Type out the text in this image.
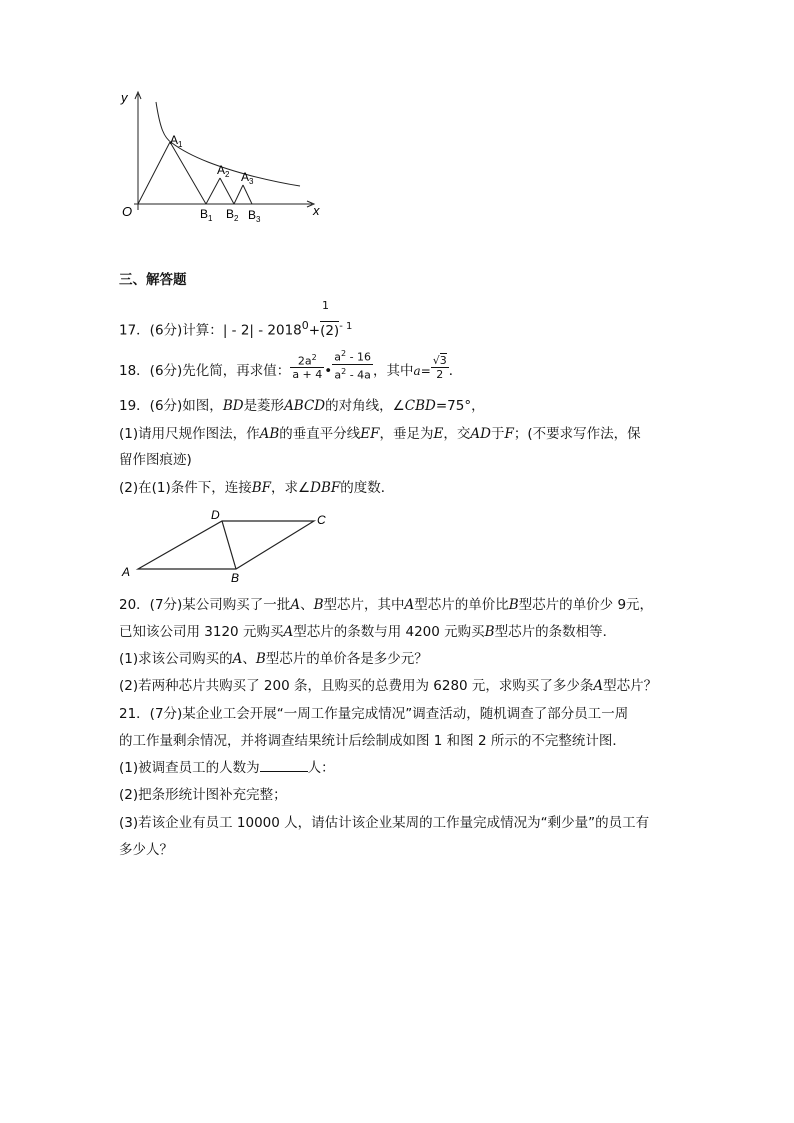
y
x
O
$A_1$
$A_2$ $A_3$
$B_1$ $B_2$ $B_3$
三、解答题
1
17．(6分)计算：| - $2| - 2018^0+(2)^{- 1}$
18．(6分)先化简，再求值： $\frac{2a^2}{a + 4}$ • $\frac{a^2 - 16}{a^2 - 4a}$ ，其中 $a = \frac{√3}{2}$ ．
19．(6分)如图，BD是菱形ABCD的对角线，∠CBD=75°，
(1)请用尺规作图法，作AB的垂直平分线EF，垂足为E，交AD于F；(不要求写作法，保
留作图痕迹)
(2)在(1)条件下，连接BF，求∠DBF的度数．
D	C
A	B
20．(7分)某公司购买了一批A、B型芯片，其中A型芯片的单价比B型芯片的单价少 9元，
已知该公司用 3120 元购买A型芯片的条数与用 4200 元购买B型芯片的条数相等．
(1)求该公司购买的A、B型芯片的单价各是多少元？
(2)若两种芯片共购买了 200 条，且购买的总费用为 6280 元，求购买了多少条A型芯片？
21．(7分)某企业工会开展“一周工作量完成情况”调查活动，随机调查了部分员工一周
的工作量剩余情况，并将调查结果统计后绘制成如图 1 和图 2 所示的不完整统计图．
(1)被调查员工的人数为	人：
(2)把条形统计图补充完整；
(3)若该企业有员工 10000 人，请估计该企业某周的工作量完成情况为“剩少量”的员工有
多少人？
